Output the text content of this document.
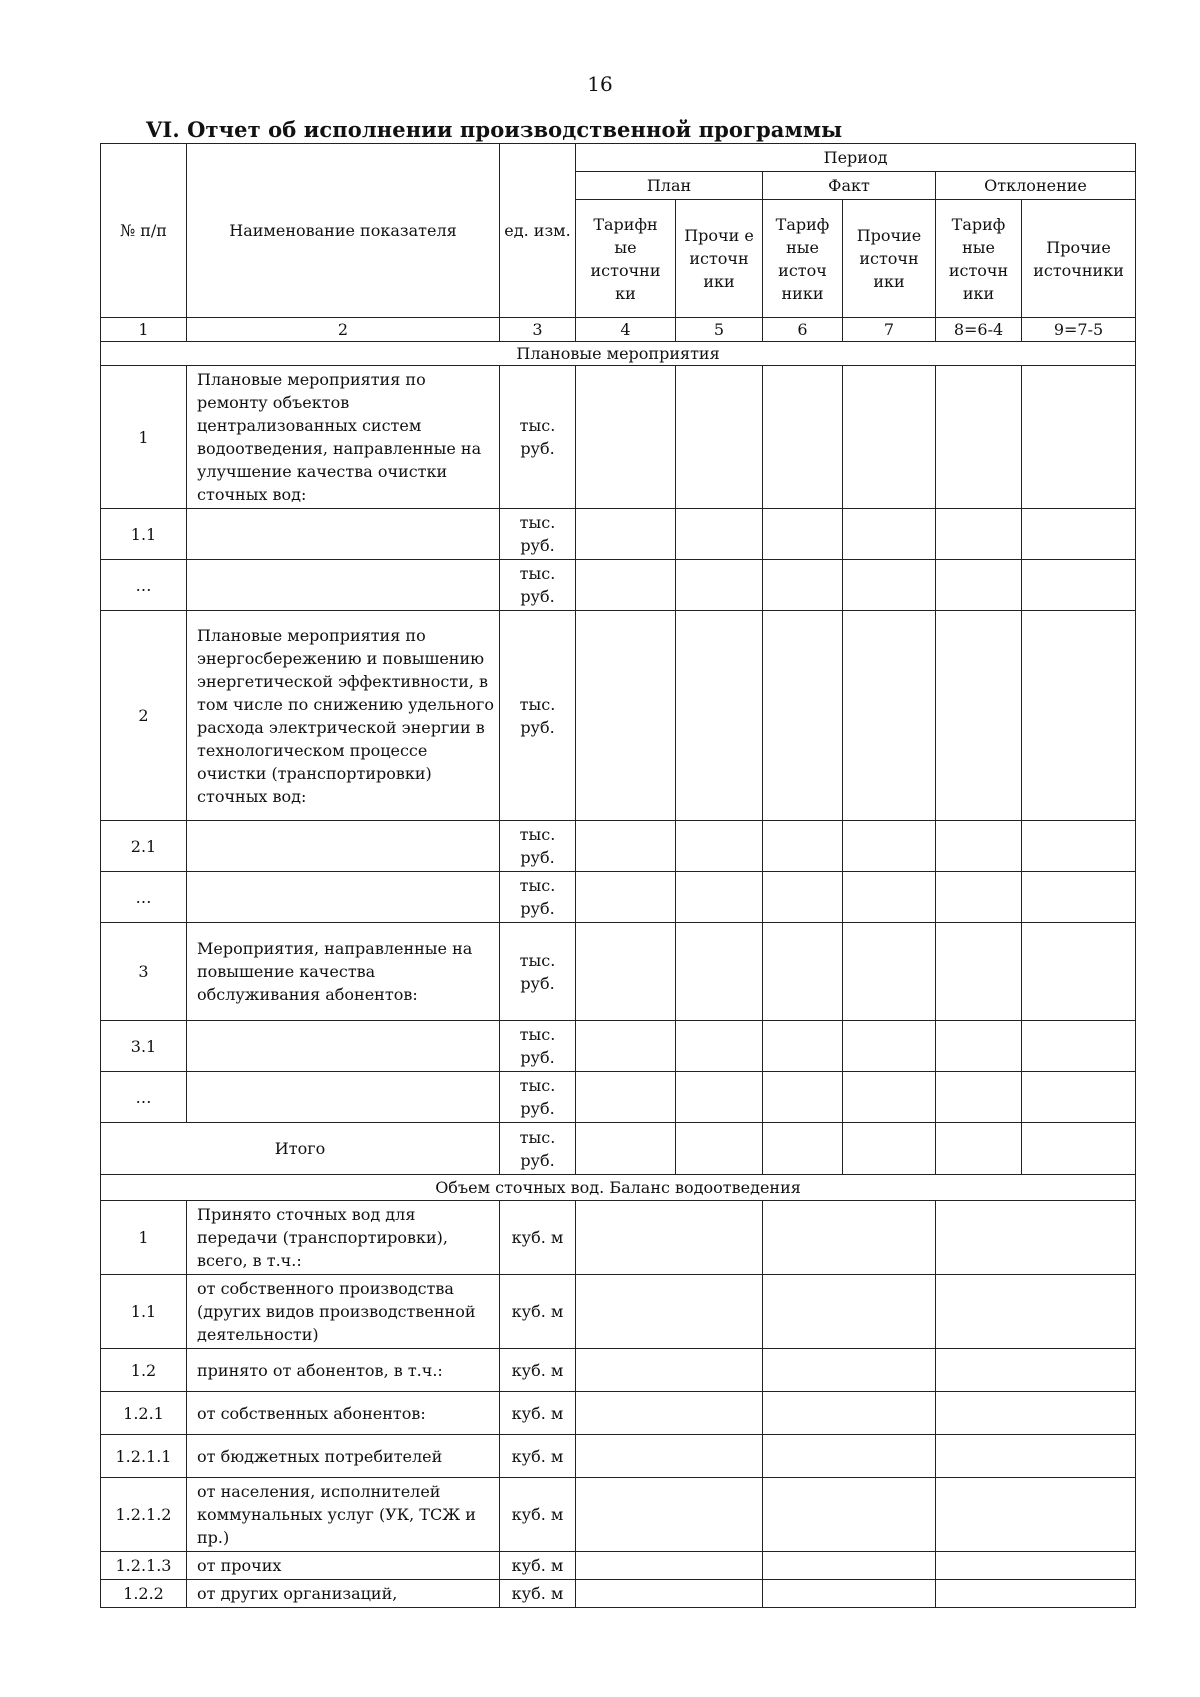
16
VI. Отчет об исполнении производственной программы
№ п/п	Наименование показателя	ед. изм.	Период					
			План		Факт		Отклонение	
			Тарифн ые источни ки	Прочи е источн ики	Тариф ные источ ники	Прочие источн ики	Тариф ные источн ики	Прочие источники
1	2	3	4	5	6	7	8=6-4	9=7-5
Плановые мероприятия								
1	Плановые мероприятия по ремонту объектов централизованных систем водоотведения, направленные на улучшение качества очистки сточных вод:	тыс. руб.						
1.1		тыс. руб.						
…		тыс. руб.						
2	Плановые мероприятия по энергосбережению и повышению энергетической эффективности, в том числе по снижению удельного расхода электрической энергии в технологическом процессе очистки (транспортировки) сточных вод:	тыс. руб.						
2.1		тыс. руб.						
…		тыс. руб.						
3	Мероприятия, направленные на повышение качества обслуживания абонентов:	тыс. руб.						
3.1		тыс. руб.						
…		тыс. руб.						
Итого		тыс. руб.						
Объем сточных вод. Баланс водоотведения								
1	Принято сточных вод для передачи (транспортировки), всего, в т.ч.:	куб. м						
1.1	от собственного производства (других видов производственной деятельности)	куб. м						
1.2	принято от абонентов, в т.ч.:	куб. м						
1.2.1	от собственных абонентов:	куб. м						
1.2.1.1	от бюджетных потребителей	куб. м						
1.2.1.2	от населения, исполнителей коммунальных услуг (УК, ТСЖ и пр.)	куб. м						
1.2.1.3	от прочих	куб. м						
1.2.2	от других организаций,	куб. м						
